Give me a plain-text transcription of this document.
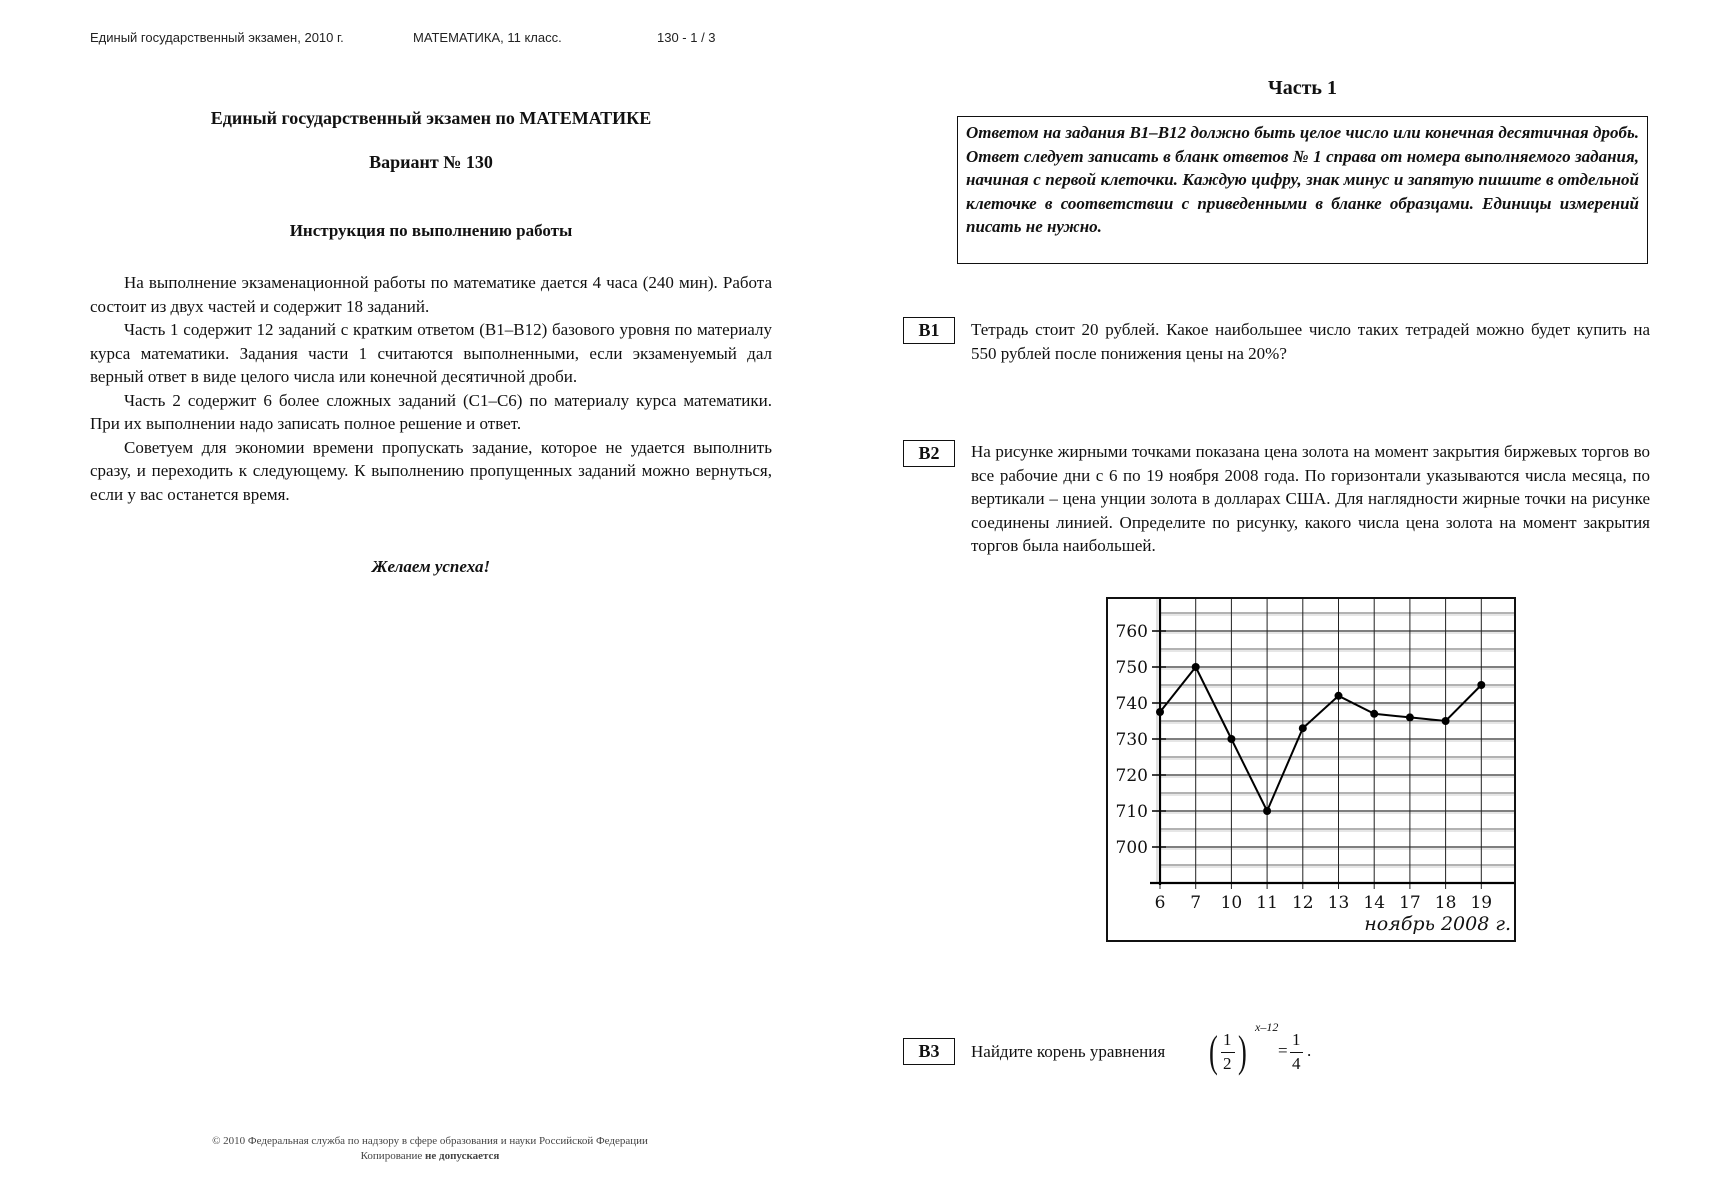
Единый государственный экзамен, 2010 г.	МАТЕМАТИКА, 11 класс.	130 - 1 / 3
Единый государственный экзамен по МАТЕМАТИКЕ
Вариант № 130
Инструкция по выполнению работы

На выполнение экзаменационной работы по математике дается 4 часа (240 мин). Работа состоит из двух частей и содержит 18 заданий.

Часть 1 содержит 12 заданий с кратким ответом (B1–B12) базового уровня по материалу курса математики. Задания части 1 считаются выполненными, если экзаменуемый дал верный ответ в виде целого числа или конечной десятичной дроби.

Часть 2 содержит 6 более сложных заданий (C1–C6) по материалу курса математики. При их выполнении надо записать полное решение и ответ.

Советуем для экономии времени пропускать задание, которое не удается выполнить сразу, и переходить к следующему. К выполнению пропущенных заданий можно вернуться, если у вас останется время.

Желаем успеха!
Часть 1
Ответом на задания B1–B12 должно быть целое число или конечная десятичная дробь. Ответ следует записать в бланк ответов № 1 справа от номера выполняемого задания, начиная с первой клеточки. Каждую цифру, знак минус и запятую пишите в отдельной клеточке в соответствии с приведенными в бланке образцами. Единицы измерений писать не нужно.
B1	Тетрадь стоит 20 рублей. Какое наибольшее число таких тетрадей можно будет купить на 550 рублей после понижения цены на 20%?
B2	На рисунке жирными точками показана цена золота на момент закрытия биржевых торгов во все рабочие дни с 6 по 19 ноября 2008 года. По горизонтали указываются числа месяца, по вертикали – цена унции золота в долларах США. Для наглядности жирные точки на рисунке соединены линией. Определите по рисунку, какого числа цена золота на момент закрытия торгов была наибольшей.
6 7 10 11 12 13 14 17 18 19
700
710
720
730
740
750
760
ноябрь 2008 г.
B3	Найдите корень уравнения ( 1
2 ) x–12
=
1
4
.
© 2010 Федеральная служба по надзору в сфере образования и науки Российской Федерации
Копирование не допускается
